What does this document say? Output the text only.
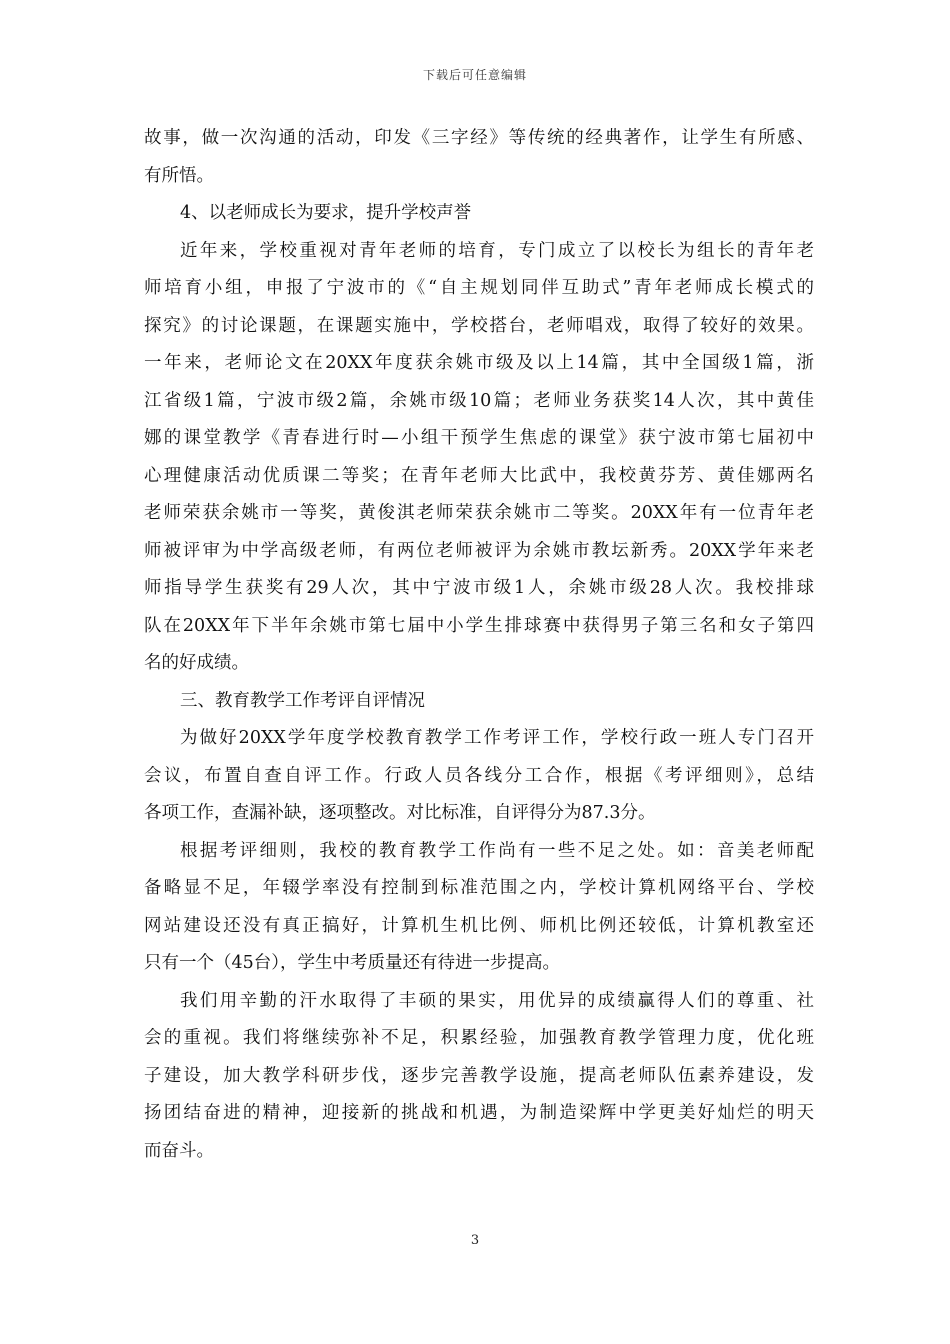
下载后可任意编辑
故事，做一次沟通的活动，印发《三字经》等传统的经典著作，让学生有所感、
有所悟。
4、以老师成长为要求，提升学校声誉
近年来，学校重视对青年老师的培育，专门成立了以校长为组长的青年老
师培育小组，申报了宁波市的《“自主规划同伴互助式”青年老师成长模式的
探究》的讨论课题，在课题实施中，学校搭台，老师唱戏，取得了较好的效果。
一年来，老师论文在20XX年度获余姚市级及以上14篇，其中全国级1篇，浙
江省级1篇，宁波市级2篇，余姚市级10篇；老师业务获奖14人次，其中黄佳
娜的课堂教学《青春进行时—小组干预学生焦虑的课堂》获宁波市第七届初中
心理健康活动优质课二等奖；在青年老师大比武中，我校黄芬芳、黄佳娜两名
老师荣获余姚市一等奖，黄俊淇老师荣获余姚市二等奖。20XX年有一位青年老
师被评审为中学高级老师，有两位老师被评为余姚市教坛新秀。20XX学年来老
师指导学生获奖有29人次，其中宁波市级1人，余姚市级28人次。我校排球
队在20XX年下半年余姚市第七届中小学生排球赛中获得男子第三名和女子第四
名的好成绩。
三、教育教学工作考评自评情况
为做好20XX学年度学校教育教学工作考评工作，学校行政一班人专门召开
会议，布置自查自评工作。行政人员各线分工合作，根据《考评细则》，总结
各项工作，查漏补缺，逐项整改。对比标准，自评得分为87.3分。
根据考评细则，我校的教育教学工作尚有一些不足之处。如：音美老师配
备略显不足，年辍学率没有控制到标准范围之内，学校计算机网络平台、学校
网站建设还没有真正搞好，计算机生机比例、师机比例还较低，计算机教室还
只有一个（45台），学生中考质量还有待进一步提高。
我们用辛勤的汗水取得了丰硕的果实，用优异的成绩赢得人们的尊重、社
会的重视。我们将继续弥补不足，积累经验，加强教育教学管理力度，优化班
子建设，加大教学科研步伐，逐步完善教学设施，提高老师队伍素养建设，发
扬团结奋进的精神，迎接新的挑战和机遇，为制造梁辉中学更美好灿烂的明天
而奋斗。
3
